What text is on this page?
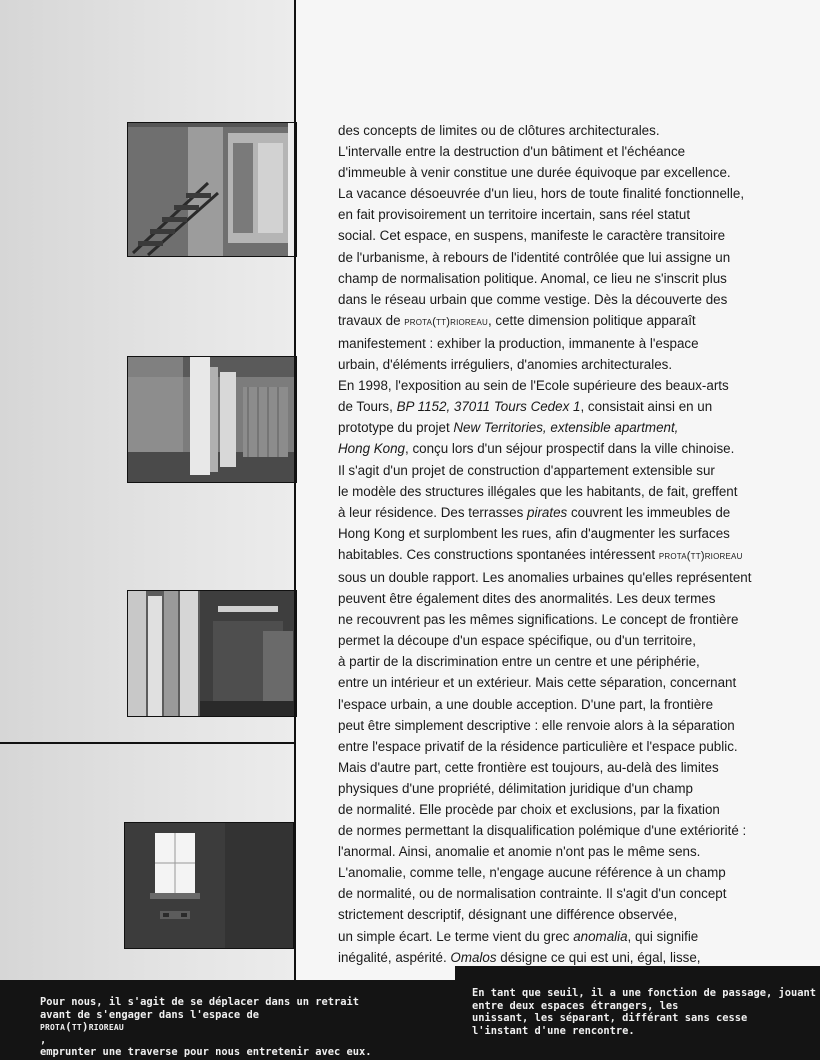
des concepts de limites ou de clôtures architecturales.
L'intervalle entre la destruction d'un bâtiment et l'échéance
d'immeuble à venir constitue une durée équivoque par excellence.
La vacance désoeuvrée d'un lieu, hors de toute finalité fonctionnelle,
en fait provisoirement un territoire incertain, sans réel statut
social. Cet espace, en suspens, manifeste le caractère transitoire
de l'urbanisme, à rebours de l'identité contrôlée que lui assigne un
champ de normalisation politique. Anomal, ce lieu ne s'inscrit plus
dans le réseau urbain que comme vestige. Dès la découverte des
travaux de prota(tt)rioreau, cette dimension politique apparaît
manifestement : exhiber la production, immanente à l'espace
urbain, d'éléments irréguliers, d'anomies architecturales.
En 1998, l'exposition au sein de l'Ecole supérieure des beaux-arts
de Tours, BP 1152, 37011 Tours Cedex 1, consistait ainsi en un
prototype du projet New Territories, extensible apartment,
Hong Kong, conçu lors d'un séjour prospectif dans la ville chinoise.
Il s'agit d'un projet de construction d'appartement extensible sur
le modèle des structures illégales que les habitants, de fait, greffent
à leur résidence. Des terrasses pirates couvrent les immeubles de
Hong Kong et surplombent les rues, afin d'augmenter les surfaces
habitables. Ces constructions spontanées intéressent prota(tt)rioreau
sous un double rapport. Les anomalies urbaines qu'elles représentent
peuvent être également dites des anormalités. Les deux termes
ne recouvrent pas les mêmes significations. Le concept de frontière
permet la découpe d'un espace spécifique, ou d'un territoire,
à partir de la discrimination entre un centre et une périphérie,
entre un intérieur et un extérieur. Mais cette séparation, concernant
l'espace urbain, a une double acception. D'une part, la frontière
peut être simplement descriptive : elle renvoie alors à la séparation
entre l'espace privatif de la résidence particulière et l'espace public.
Mais d'autre part, cette frontière est toujours, au-delà des limites
physiques d'une propriété, délimitation juridique d'un champ
de normalité. Elle procède par choix et exclusions, par la fixation
de normes permettant la disqualification polémique d'une extériorité :
l'anormal. Ainsi, anomalie et anomie n'ont pas le même sens.
L'anomalie, comme telle, n'engage aucune référence à un champ
de normalité, ou de normalisation contrainte. Il s'agit d'un concept
strictement descriptif, désignant une différence observée,
un simple écart. Le terme vient du grec anomalia, qui signifie
inégalité, aspérité. Omalos désigne ce qui est uni, égal, lisse,

Pour nous, il s'agit de se déplacer dans un retrait
avant de s'engager dans l'espace de
prota(tt)rioreau
,
emprunter une traverse pour nous entretenir avec eux.

En tant que seuil, il a une fonction de passage, jouant
entre deux espaces étrangers, les
unissant, les séparant, différant sans cesse
l'instant d'une rencontre.
